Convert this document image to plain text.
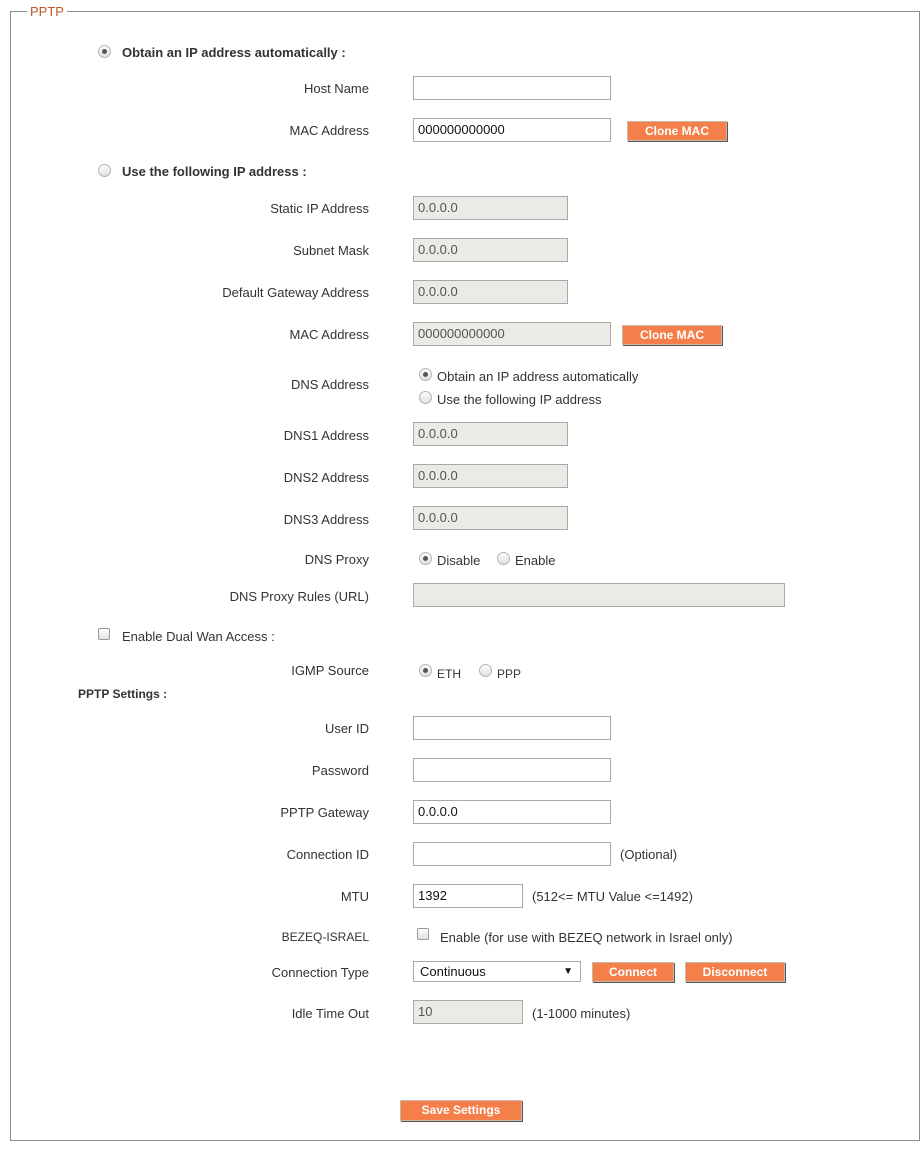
PPTP
Obtain an IP address automatically :
Host Name
MAC Address	000000000000	Clone MAC
Use the following IP address :
Static IP Address	0.0.0.0
Subnet Mask	0.0.0.0
Default Gateway Address	0.0.0.0
MAC Address	000000000000	Clone MAC
DNS Address
Obtain an IP address automatically
Use the following IP address
DNS1 Address	0.0.0.0
DNS2 Address	0.0.0.0
DNS3 Address	0.0.0.0
DNS Proxy	Disable	Enable
DNS Proxy Rules (URL)
Enable Dual Wan Access :
IGMP Source	ETH	PPP
PPTP Settings :
User ID
Password
PPTP Gateway	0.0.0.0
Connection ID	(Optional)
MTU	1392	(512<= MTU Value <=1492)
BEZEQ-ISRAEL	Enable (for use with BEZEQ network in Israel only)
Connection Type	Continuous	▼	Connect	Disconnect
Idle Time Out	10	(1-1000 minutes)
Save Settings
